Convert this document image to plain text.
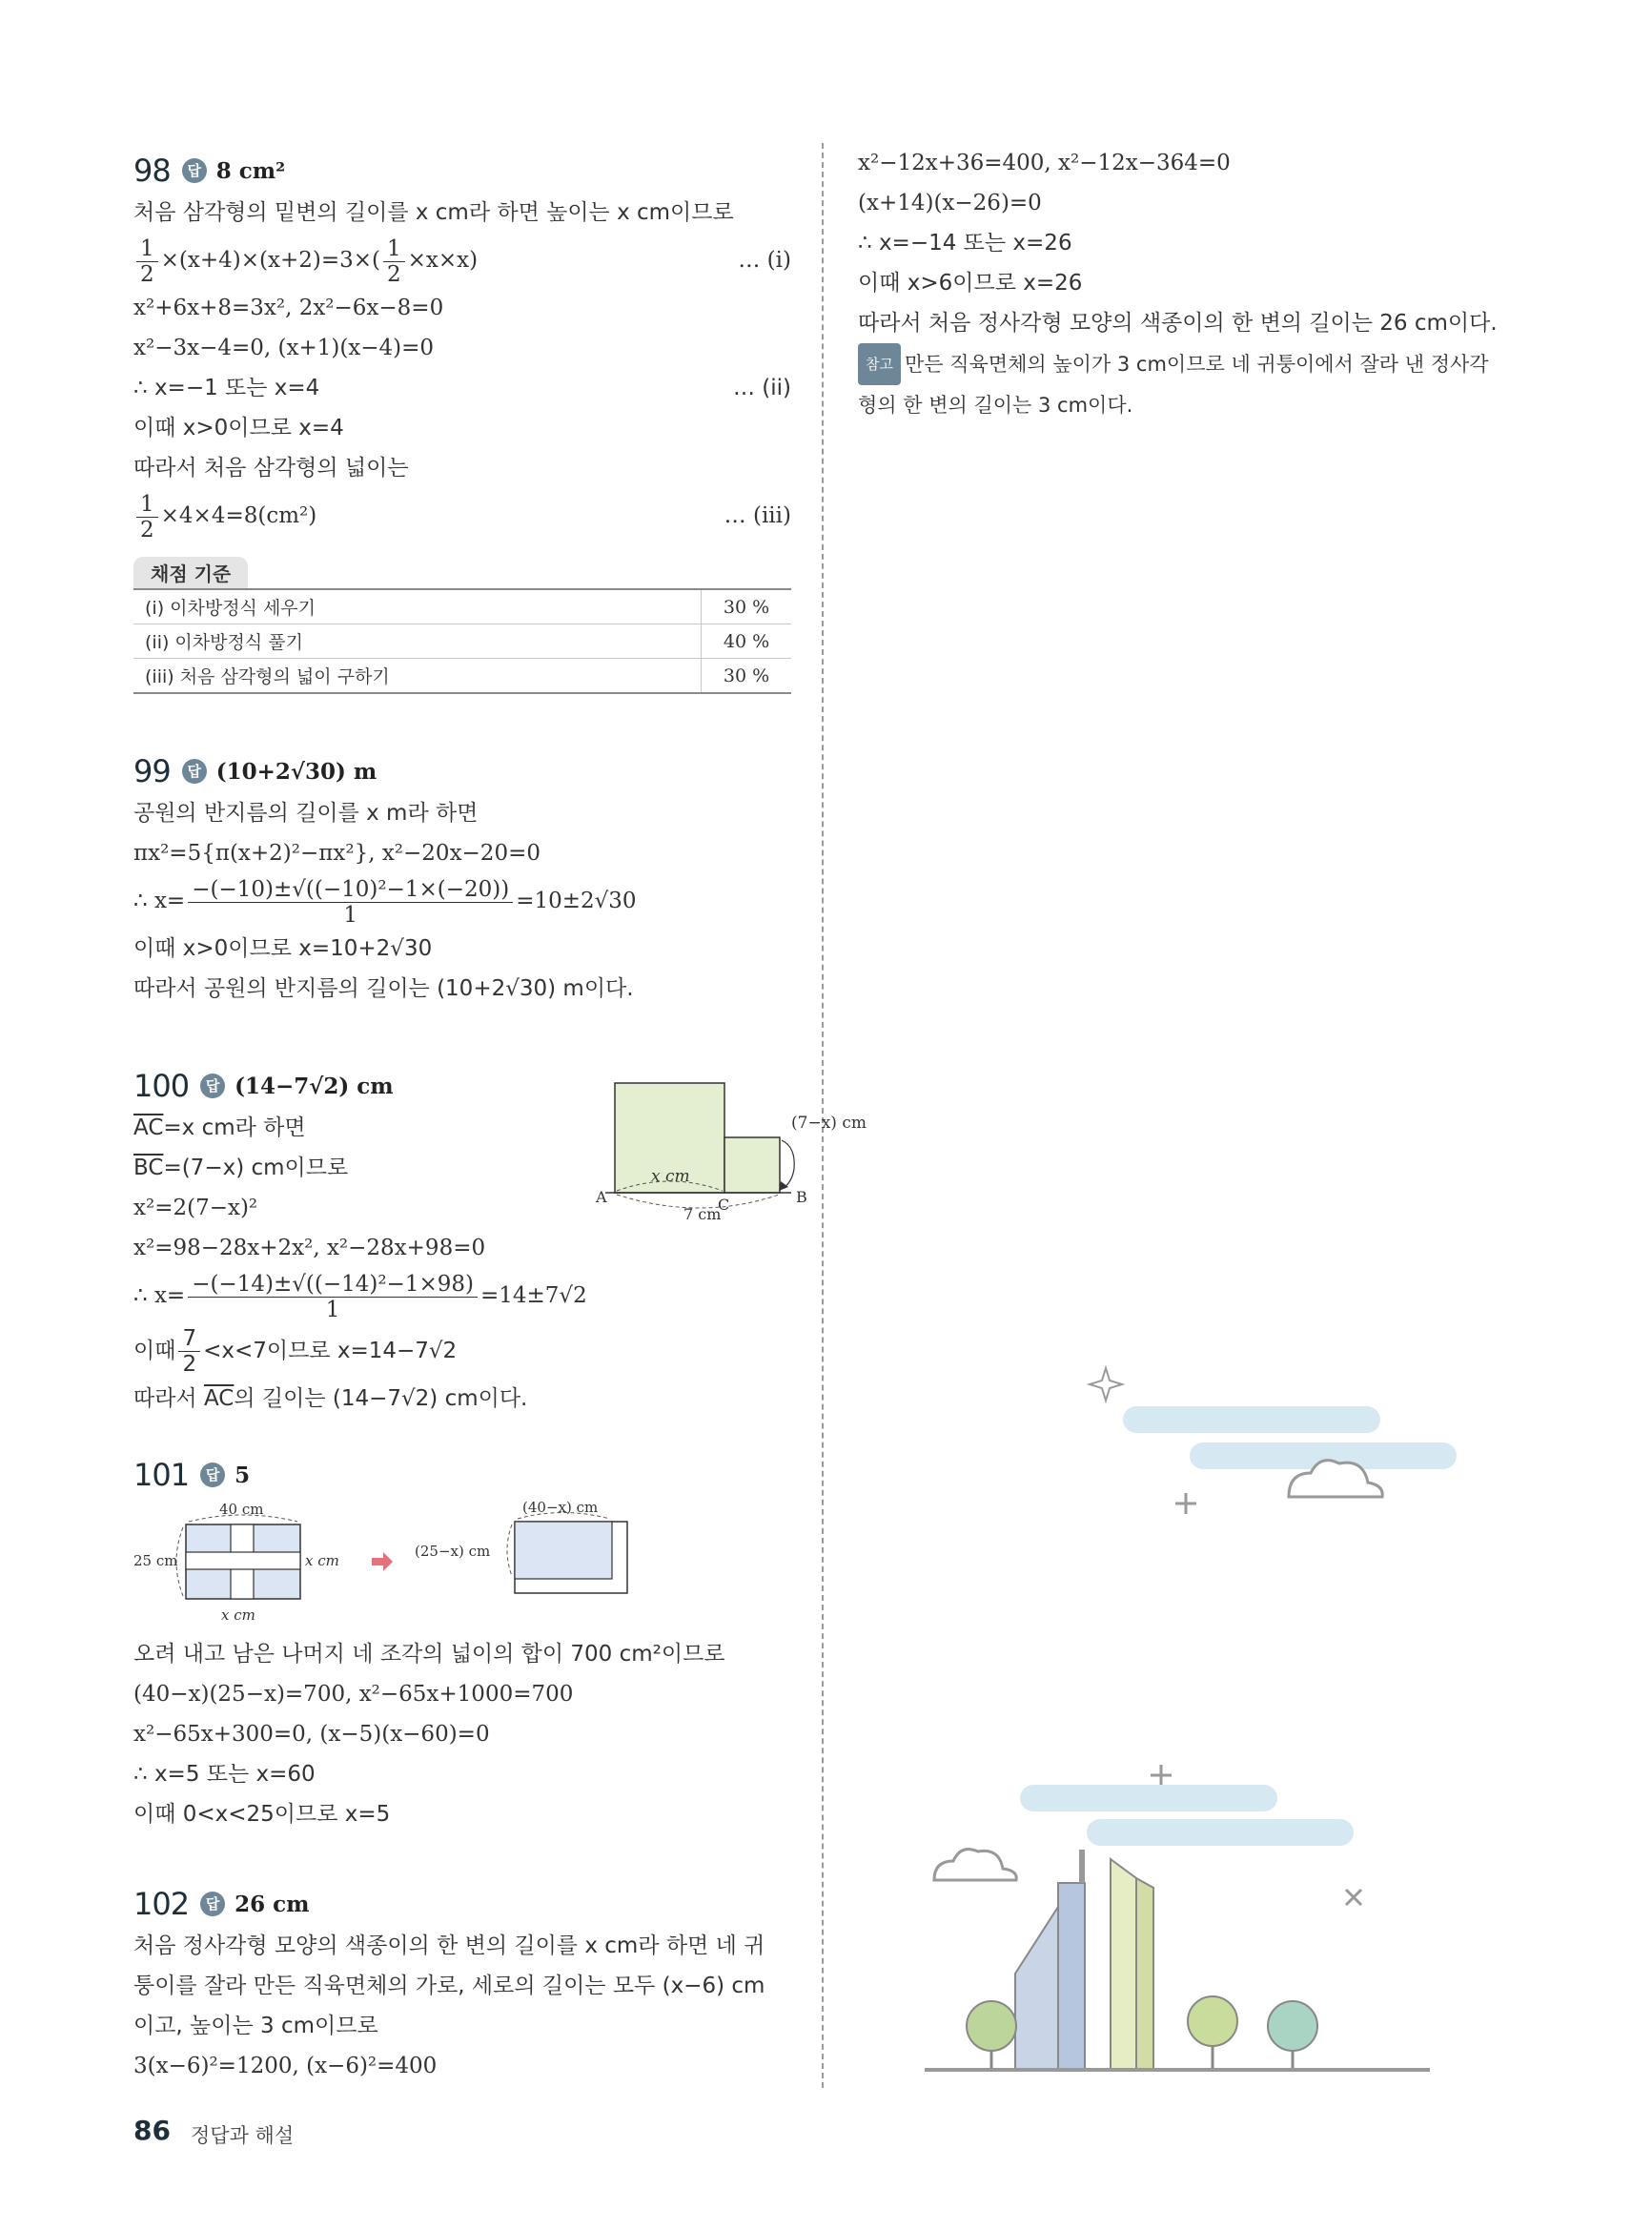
98	답 8 cm²
처음 삼각형의 밑변의 길이를 x cm라 하면 높이는 x cm이므로
$\frac{1}{2} \times(x+4)\times(x+2)=3\times( \frac{1}{2} \times x\times x)$	… (i)
x²+6x+8=3x², 2x²−6x−8=0
x²−3x−4=0, (x+1)(x−4)=0
∴ x=−1 또는 x=4	… (ii)
이때 x>0이므로 x=4
따라서 처음 삼각형의 넓이는
$\frac{1}{2} \times 4\times 4=8(cm^2)$	… (iii)
채점 기준
(i) 이차방정식 세우기	30 %
(ii) 이차방정식 풀기	40 %
(iii) 처음 삼각형의 넓이 구하기	30 %
99	답 (10+2√30) m
공원의 반지름의 길이를 x m라 하면
πx²=5{π(x+2)²−πx²}, x²−20x−20=0
∴ $x= \frac{\text{−(−10)±√((−10)²−1×(−20))}}{1} =10\pm 2√30$
이때 x>0이므로 x=10+2√30
따라서 공원의 반지름의 길이는 (10+2√30) m이다.
100	답 (14−7√2) cm
$\overline{AC}=x$ cm라 하면
$\overline{BC}=(7-x)$ cm이므로
x²=2(7−x)²
x²=98−28x+2x², x²−28x+98=0
∴ $x= \frac{\text{−(−14)±√((−14)²−1×98)}}{1} =14\pm 7√2$
이때 $\frac{7}{2} <x<7$이므로 x=14−7√2
따라서 $\overline{AC}$의 길이는 (14−7√2) cm이다.
(7−x) cm
x cm
7 cm
A	C	B
101	답 5
40 cm
25 cm	x cm
x cm
(40−x) cm
(25−x) cm
오려 내고 남은 나머지 네 조각의 넓이의 합이 700 cm²이므로
(40−x)(25−x)=700, x²−65x+1000=700
x²−65x+300=0, (x−5)(x−60)=0
∴ x=5 또는 x=60
이때 0<x<25이므로 x=5
102	답 26 cm
처음 정사각형 모양의 색종이의 한 변의 길이를 x cm라 하면 네 귀
퉁이를 잘라 만든 직육면체의 가로, 세로의 길이는 모두 (x−6) cm
이고, 높이는 3 cm이므로
3(x−6)²=1200, (x−6)²=400
x²−12x+36=400, x²−12x−364=0
(x+14)(x−26)=0
∴ x=−14 또는 x=26
이때 x>6이므로 x=26
따라서 처음 정사각형 모양의 색종이의 한 변의 길이는 26 cm이다.
참고 만든 직육면체의 높이가 3 cm이므로 네 귀퉁이에서 잘라 낸 정사각
형의 한 변의 길이는 3 cm이다.
86 정답과 해설
